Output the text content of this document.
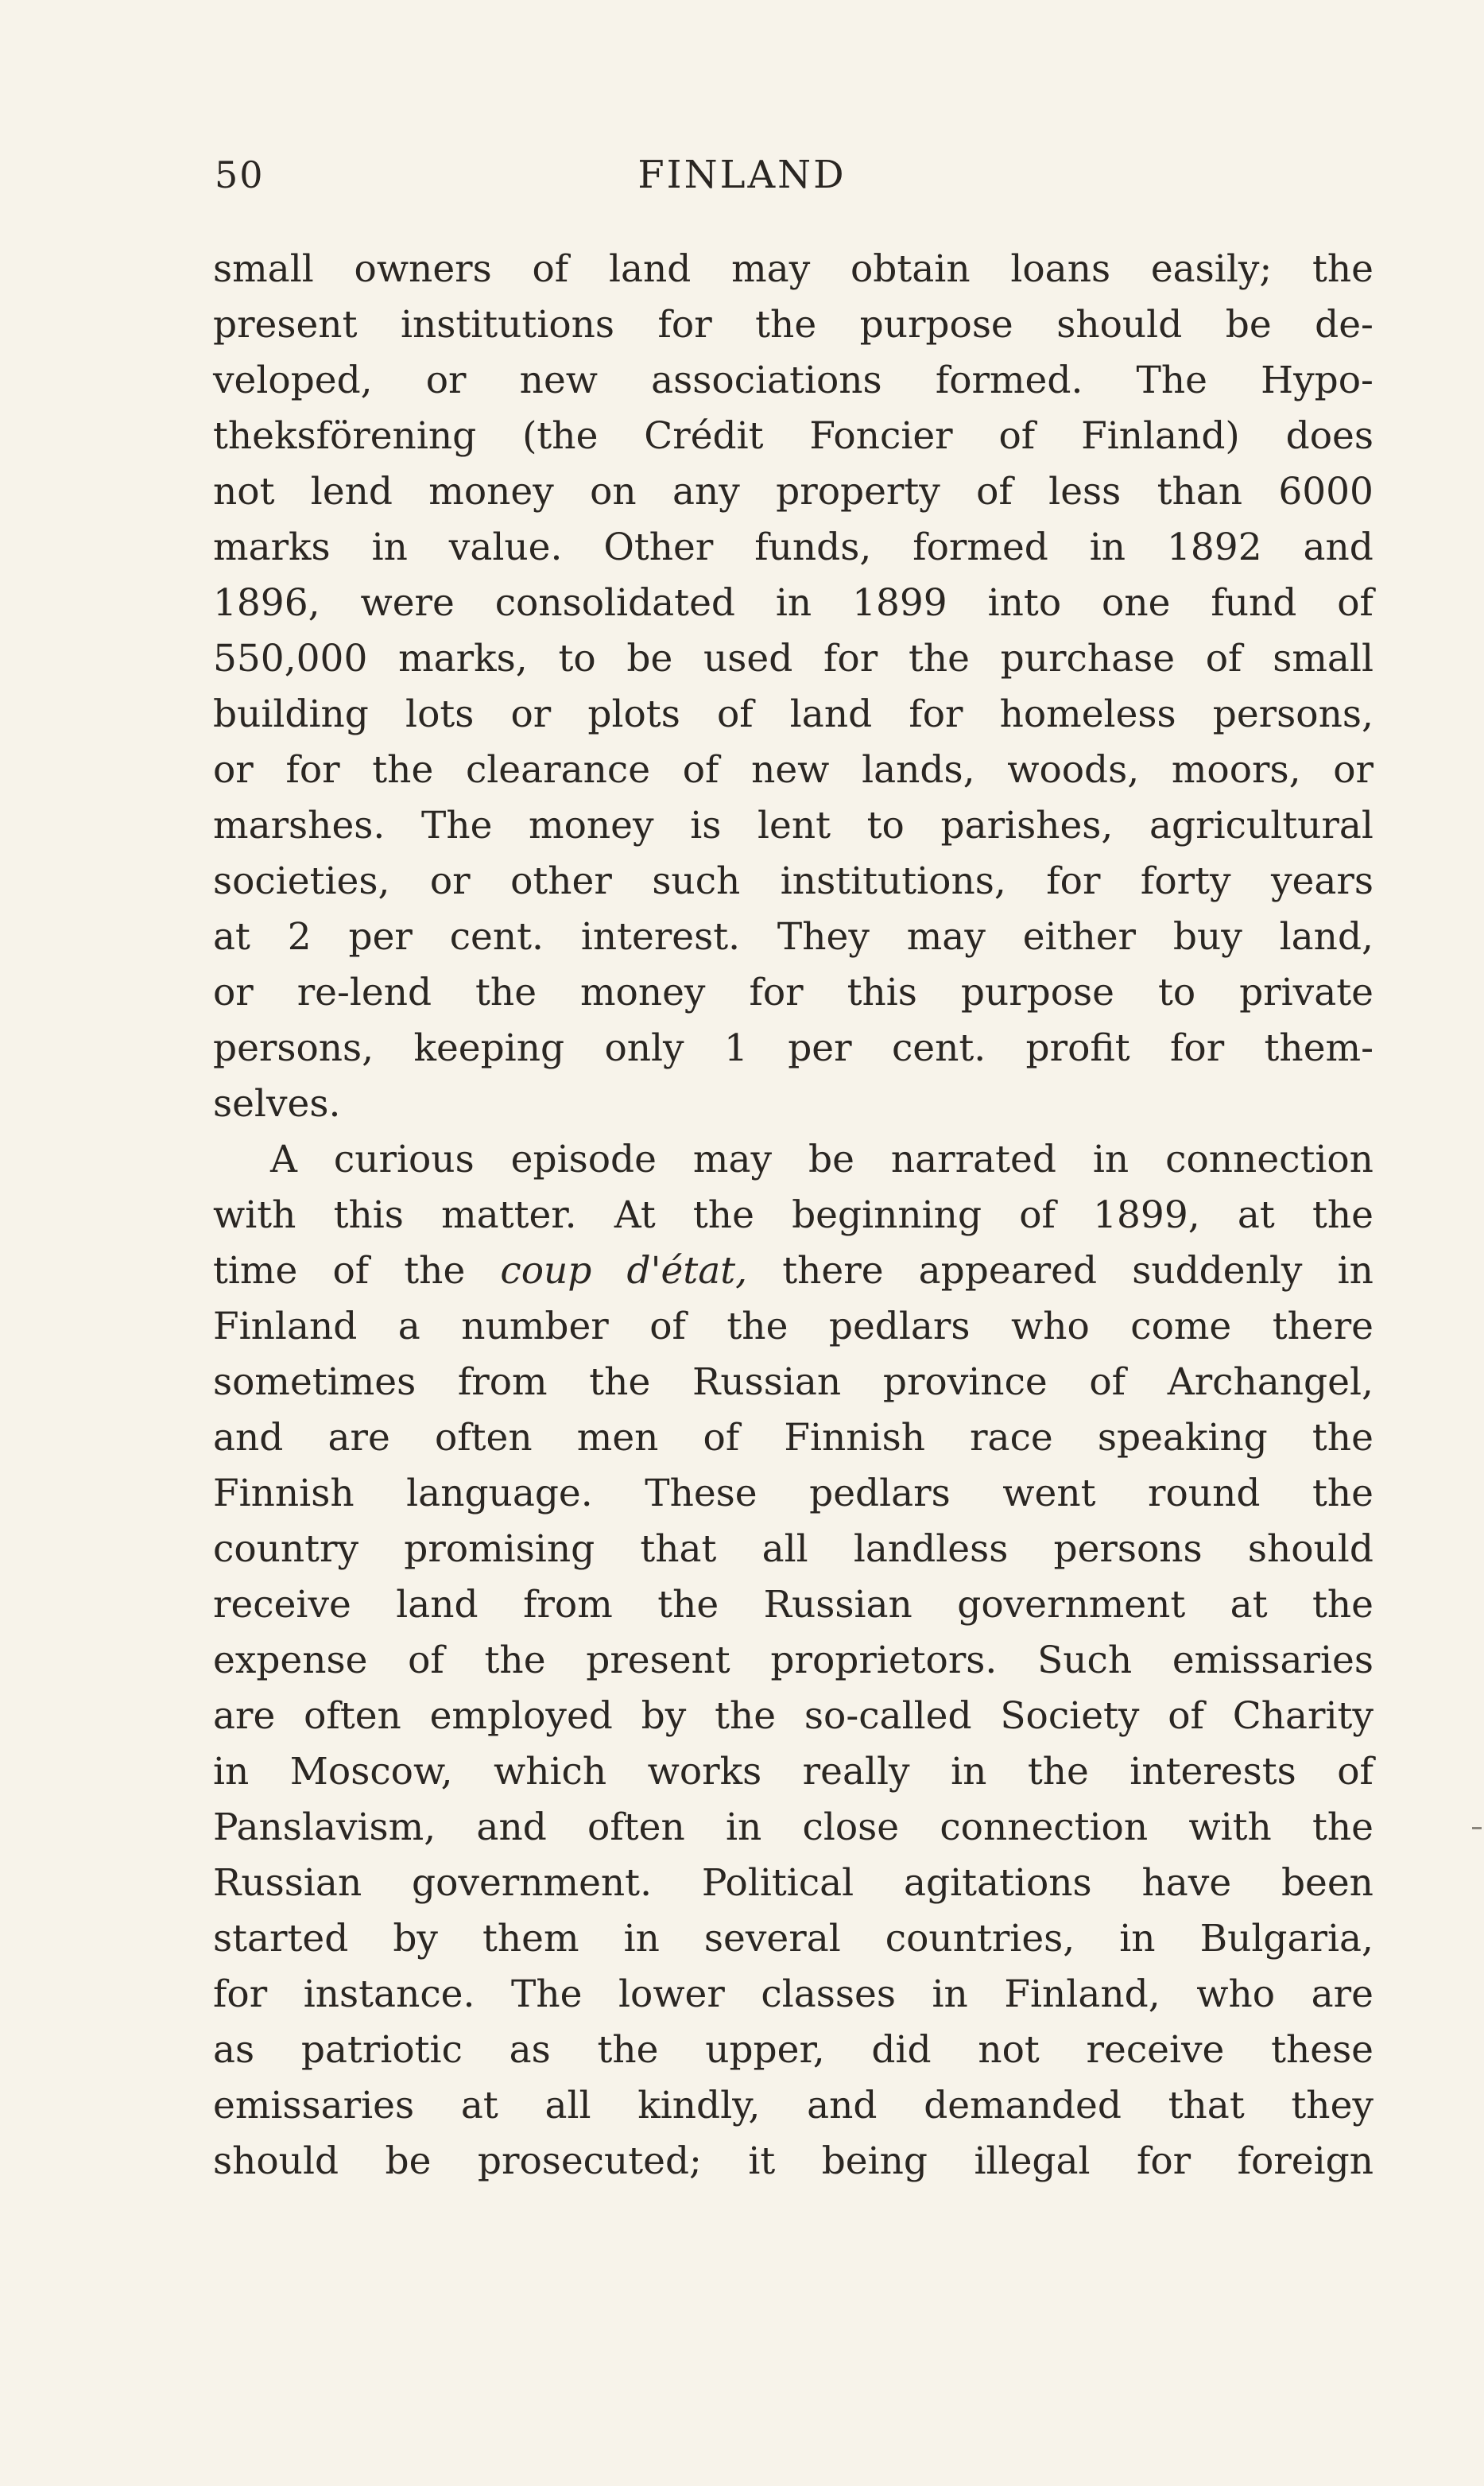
50	FINLAND
small owners of land may obtain loans easily; the
present institutions for the purpose should be de-
veloped, or new associations formed. The Hypo-
theksförening (the Crédit Foncier of Finland) does
not lend money on any property of less than 6000
marks in value. Other funds, formed in 1892 and
1896, were consolidated in 1899 into one fund of
550,000 marks, to be used for the purchase of small
building lots or plots of land for homeless persons,
or for the clearance of new lands, woods, moors, or
marshes. The money is lent to parishes, agricultural
societies, or other such institutions, for forty years
at 2 per cent. interest. They may either buy land,
or re-lend the money for this purpose to private
persons, keeping only 1 per cent. profit for them-
selves.
A curious episode may be narrated in connection
with this matter. At the beginning of 1899, at the
time of the coup d'état, there appeared suddenly in
Finland a number of the pedlars who come there
sometimes from the Russian province of Archangel,
and are often men of Finnish race speaking the
Finnish language. These pedlars went round the
country promising that all landless persons should
receive land from the Russian government at the
expense of the present proprietors. Such emissaries
are often employed by the so-called Society of Charity
in Moscow, which works really in the interests of
Panslavism, and often in close connection with the
Russian government. Political agitations have been
started by them in several countries, in Bulgaria,
for instance. The lower classes in Finland, who are
as patriotic as the upper, did not receive these
emissaries at all kindly, and demanded that they
should be prosecuted; it being illegal for foreign
